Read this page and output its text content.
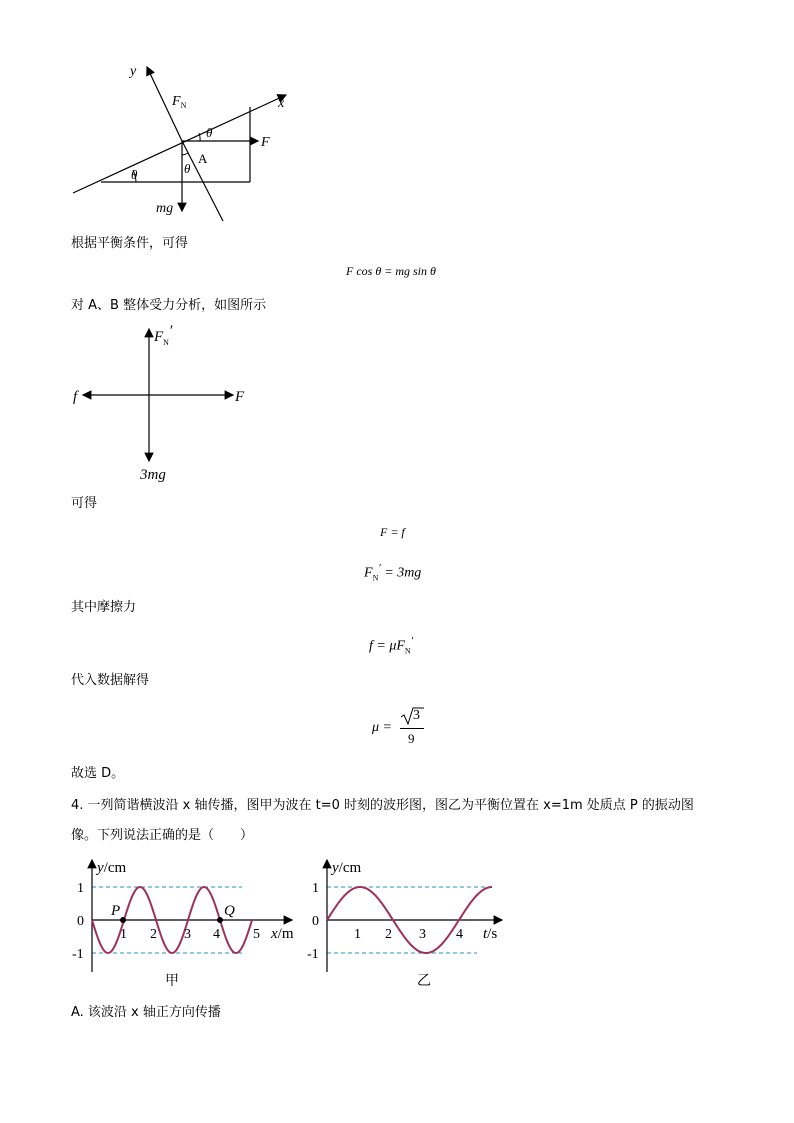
y
x
$F_N$
F
A
θ
θ	θ
mg
根据平衡条件，可得
F cos θ = mg sin θ
对 A、B 整体受力分析，如图所示
$F_N'$
f	F
3mg
可得
F = f
$F_N' = 3mg$
其中摩擦力
$f = \mu F_N'$
代入数据解得
μ =
3
9
故选 D。
4. 一列简谐横波沿 x 轴传播，图甲为波在 t=0 时刻的波形图，图乙为平衡位置在 x=1m 处质点 P 的振动图
像。下列说法正确的是（　　）
y/cm
1
0
-1
1 2 3 4 5 x/m
P	Q
甲
y/cm
1
0
-1
1 2 3 4 t/s
乙
A. 该波沿 x 轴正方向传播
